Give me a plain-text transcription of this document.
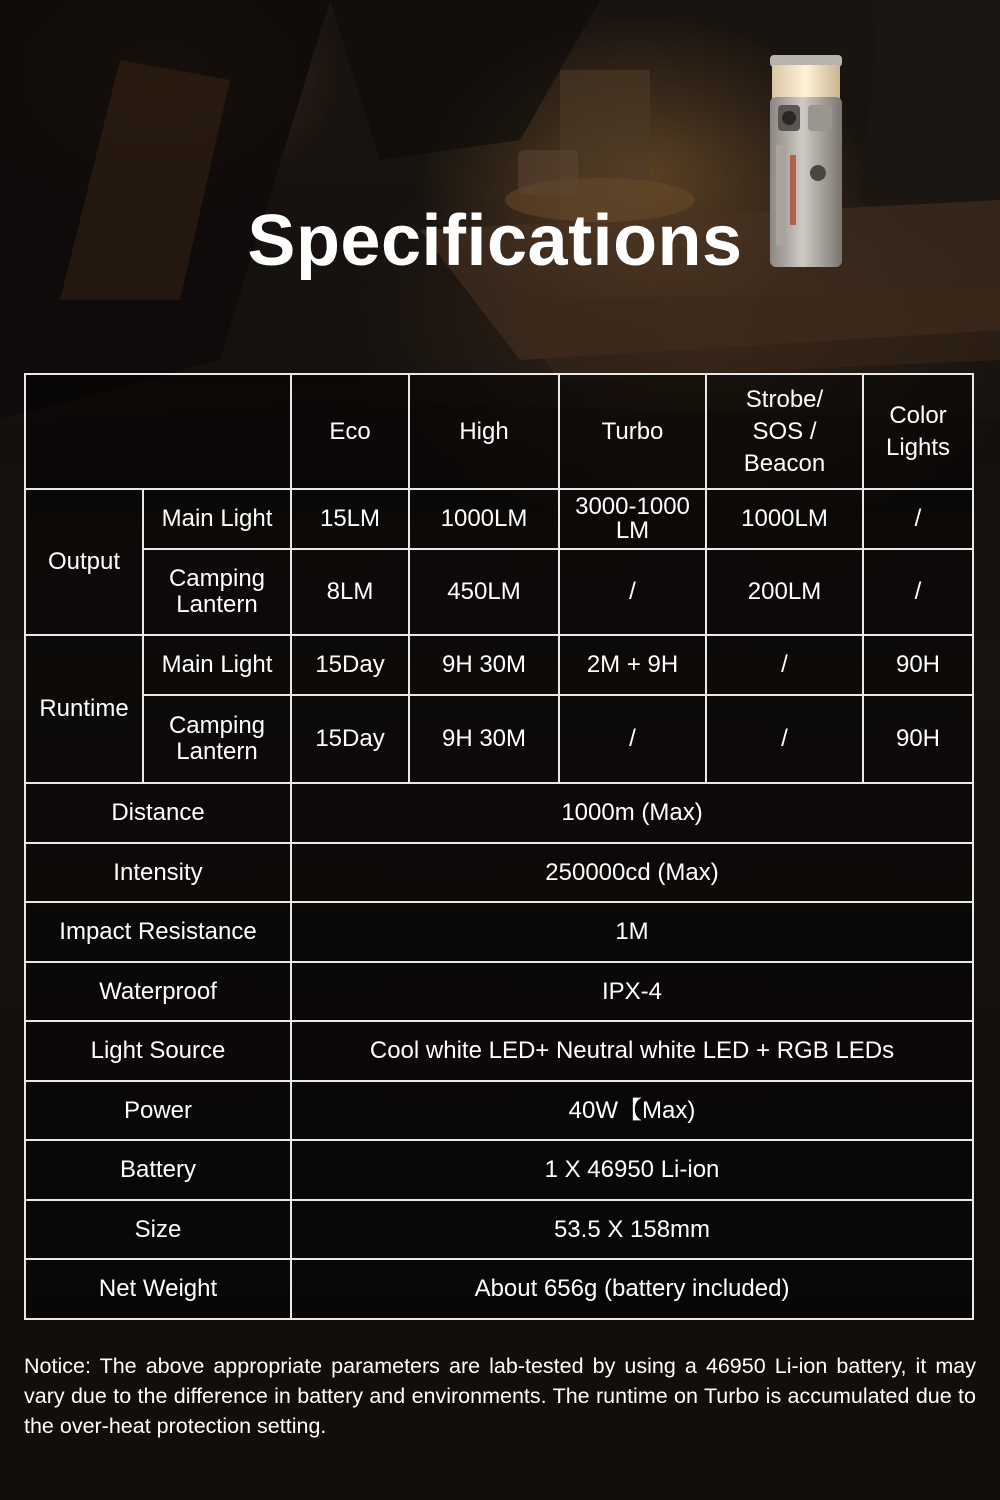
Specifications
		Eco	High	Turbo	Strobe/ SOS / Beacon	Color Lights
Output	Main Light	15LM	1000LM	3000-1000 LM	1000LM	/
	Camping Lantern	8LM	450LM	/	200LM	/
Runtime	Main Light	15Day	9H 30M	2M + 9H	/	90H
	Camping Lantern	15Day	9H 30M	/	/	90H
Distance		1000m (Max)				
Intensity		250000cd (Max)				
Impact Resistance		1M				
Waterproof		IPX-4				
Light Source		Cool white LED+ Neutral white LED + RGB LEDs				
Power		40W【Max)				
Battery		1 X 46950 Li-ion				
Size		53.5 X 158mm				
Net Weight		About 656g (battery included)				
Notice: The above appropriate parameters are lab-tested by using a 46950 Li-ion battery, it may vary due to the difference in battery and environments. The runtime on Turbo is accumulated due to the over-heat protection setting.
